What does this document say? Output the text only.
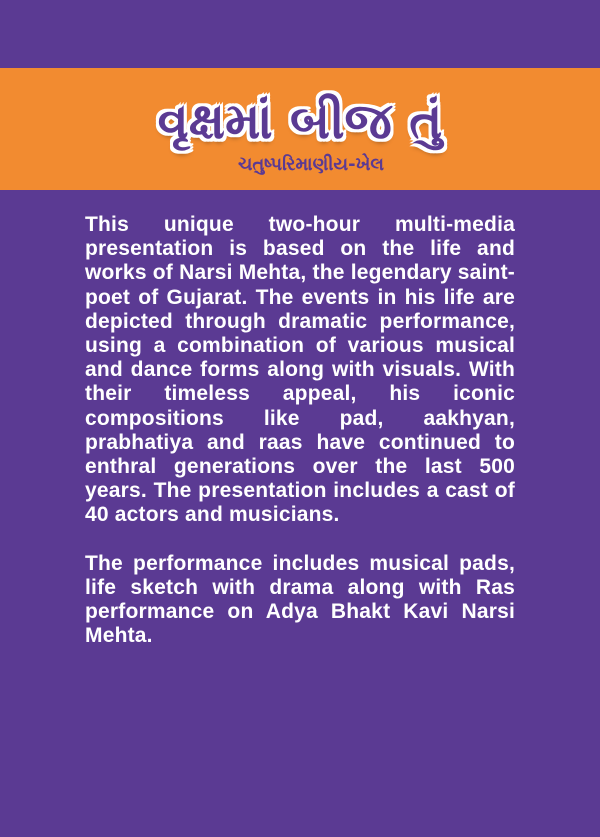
વૃક્ષમાં બીજ તું
ચતુષ્પરિમાણીય-ખેલ

This unique two-hour multi-media presentation is based on the life and works of Narsi Mehta, the legendary saint-poet of Gujarat. The events in his life are depicted through dramatic performance, using a combination of various musical and dance forms along with visuals. With their timeless appeal, his iconic compositions like pad, aakhyan, prabhatiya and raas have continued to enthral generations over the last 500 years. The presentation includes a cast of 40 actors and musicians.

The performance includes musical pads, life sketch with drama along with Ras performance on Adya Bhakt Kavi Narsi Mehta.
